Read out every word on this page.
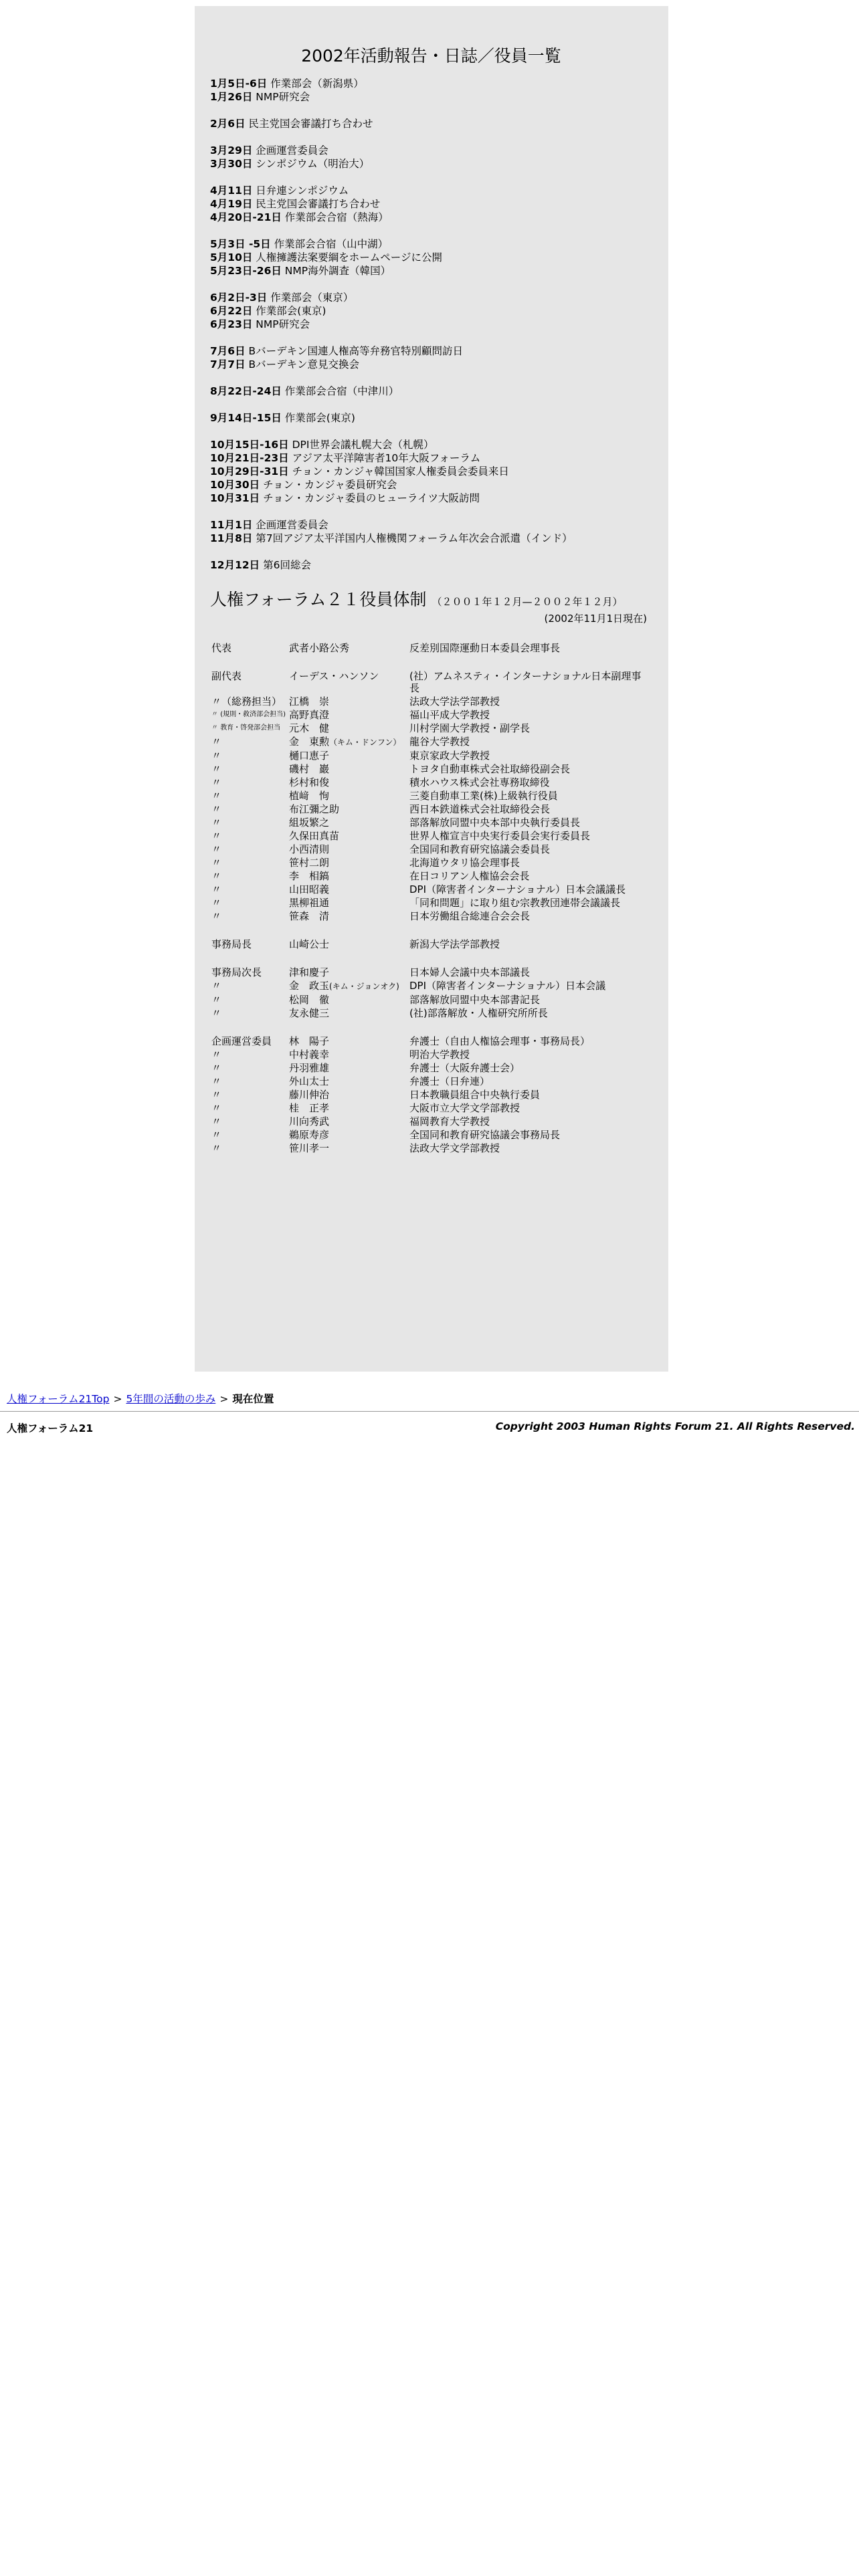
2002年活動報告・日誌／役員一覧
1月5日-6日 作業部会（新潟県）
1月26日 NMP研究会
2月6日 民主党国会審議打ち合わせ
3月29日 企画運営委員会
3月30日 シンポジウム（明治大）
4月11日 日弁連シンポジウム
4月19日 民主党国会審議打ち合わせ
4月20日-21日 作業部会合宿（熱海）
5月3日 -5日 作業部会合宿（山中湖）
5月10日 人権擁護法案要綱をホームページに公開
5月23日-26日 NMP海外調査（韓国）
6月2日-3日 作業部会（東京）
6月22日 作業部会(東京)
6月23日 NMP研究会
7月6日 Bバーデキン国連人権高等弁務官特別顧問訪日
7月7日 Bバーデキン意見交換会
8月22日-24日 作業部会合宿（中津川）
9月14日-15日 作業部会(東京)
10月15日-16日 DPI世界会議札幌大会（札幌）
10月21日-23日 アジア太平洋障害者10年大阪フォーラム
10月29日-31日 チョン・カンジャ韓国国家人権委員会委員来日
10月30日 チョン・カンジャ委員研究会
10月31日 チョン・カンジャ委員のヒューライツ大阪訪問
11月1日 企画運営委員会
11月8日 第7回アジア太平洋国内人権機関フォーラム年次会合派遣（インド）
12月12日 第6回総会
人権フォーラム２１役員体制 （２００１年１２月—２００２年１２月）
(2002年11月1日現在)
代表	武者小路公秀	反差別国際運動日本委員会理事長

副代表	イーデス・ハンソン	(社）アムネスティ・インターナショナル日本副理事長
〃（総務担当）	江橋　崇	法政大学法学部教授
〃 (規則・救済部会担当)	高野真澄	福山平成大学教授
〃 教育・啓発部会担当	元木　健	川村学園大学教授・副学長
〃	金　東勲（キム・ドンフン）	龍谷大学教授
〃	樋口恵子	東京家政大学教授
〃	磯村　巖	トヨタ自動車株式会社取締役副会長
〃	杉村和俊	積水ハウス株式会社専務取締役
〃	植﨑　恂	三菱自動車工業(株)上級執行役員
〃	布江彌之助	西日本鉄道株式会社取締役会長
〃	組坂繁之	部落解放同盟中央本部中央執行委員長
〃	久保田真苗	世界人権宣言中央実行委員会実行委員長
〃	小西清則	全国同和教育研究協議会委員長
〃	笹村二朗	北海道ウタリ協会理事長
〃	李　相鎬	在日コリアン人権協会会長
〃	山田昭義	DPI（障害者インターナショナル）日本会議議長
〃	黒柳祖通	「同和問題」に取り組む宗教教団連帯会議議長
〃	笹森　清	日本労働組合総連合会会長

事務局長	山崎公士	新潟大学法学部教授

事務局次長	津和慶子	日本婦人会議中央本部議長
〃	金　政玉(キム・ジョンオク)	DPI（障害者インターナショナル）日本会議
〃	松岡　徹	部落解放同盟中央本部書記長
〃	友永健三	(社)部落解放・人権研究所所長

企画運営委員	林　陽子	弁護士（自由人権協会理事・事務局長）
〃	中村義幸	明治大学教授
〃	丹羽雅雄	弁護士（大阪弁護士会）
〃	外山太士	弁護士（日弁連）
〃	藤川伸治	日本教職員組合中央執行委員
〃	桂　正孝	大阪市立大学文学部教授
〃	川向秀武	福岡教育大学教授
〃	鵜原寿彦	全国同和教育研究協議会事務局長
〃	笹川孝一	法政大学文学部教授
人権フォーラム21Top > 5年間の活動の歩み > 現在位置
人権フォーラム21	Copyright 2003 Human Rights Forum 21. All Rights Reserved.
